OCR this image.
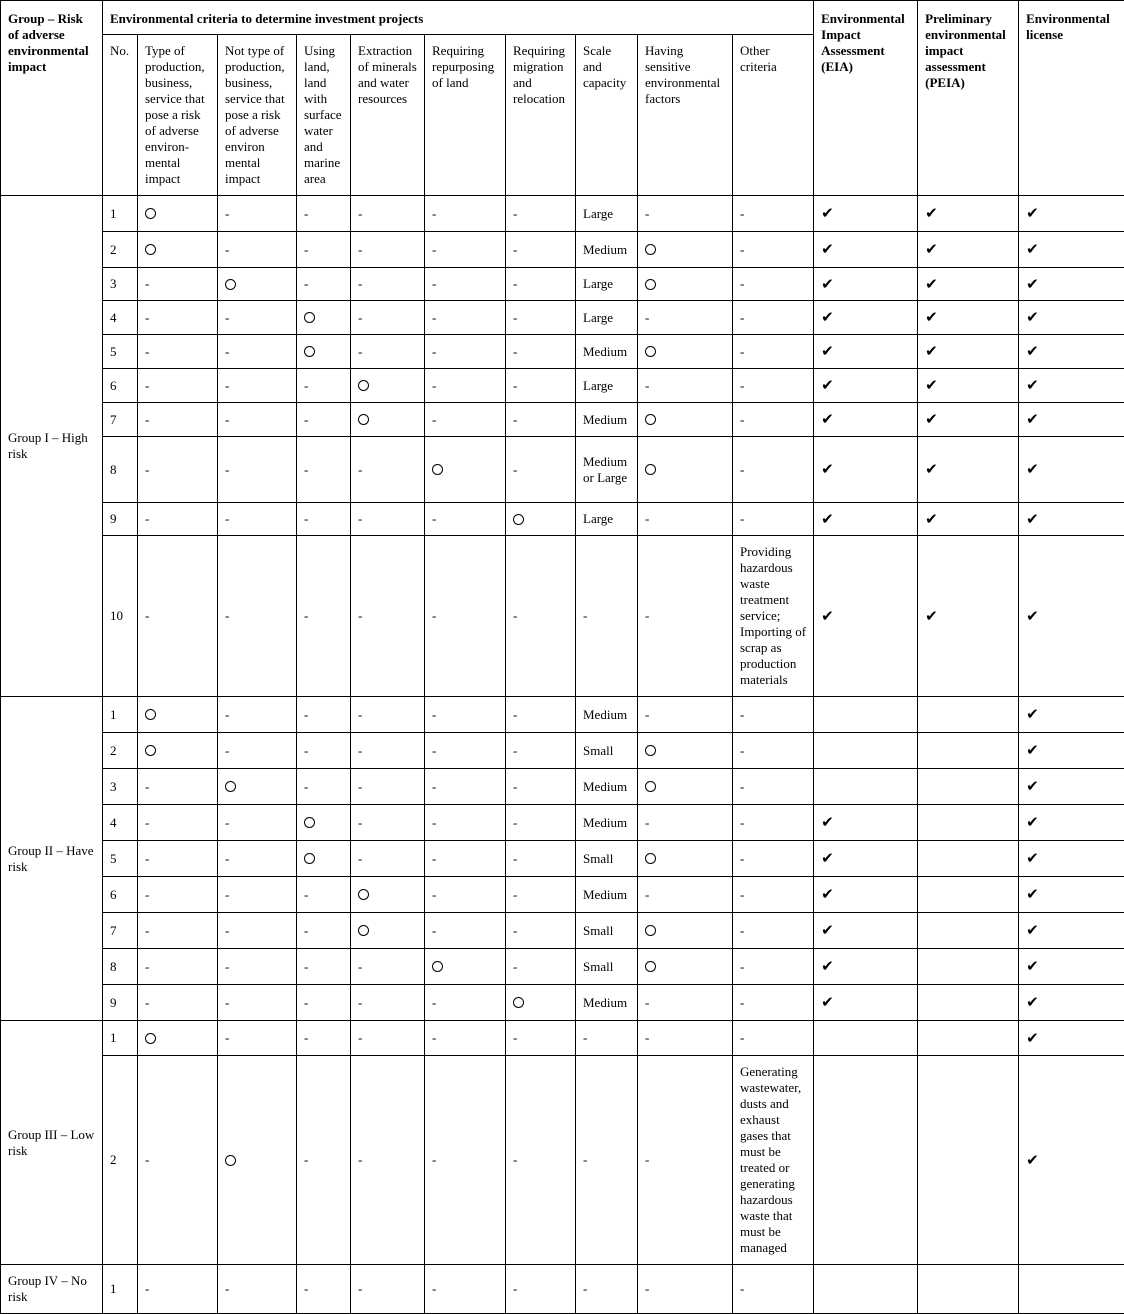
Group – Risk of adverse environmental impact	Environmental criteria to determine investment projects										Environmental Impact Assessment (EIA)	Preliminary environmental impact assessment (PEIA)	Environmental license
	No.	Type of production, business, service that pose a risk of adverse environ-mental impact	Not type of production, business, service that pose a risk of adverse environ mental impact	Using land, land with surface water and marine area	Extraction of minerals and water resources	Requiring repurposing of land	Requiring migration and relocation	Scale and capacity	Having sensitive environmental factors	Other criteria			
Group I – High risk	1		-	-	-	-	-	Large	-	-	✔	✔	✔
	2		-	-	-	-	-	Medium		-	✔	✔	✔
	3	-		-	-	-	-	Large		-	✔	✔	✔
	4	-	-		-	-	-	Large	-	-	✔	✔	✔
	5	-	-		-	-	-	Medium		-	✔	✔	✔
	6	-	-	-		-	-	Large	-	-	✔	✔	✔
	7	-	-	-		-	-	Medium		-	✔	✔	✔
	8	-	-	-	-		-	Medium or Large		-	✔	✔	✔
	9	-	-	-	-	-		Large	-	-	✔	✔	✔
	10	-	-	-	-	-	-	-	-	Providing hazardous waste treatment service; Importing of scrap as production materials	✔	✔	✔
Group II – Have risk	1		-	-	-	-	-	Medium	-	-			✔
	2		-	-	-	-	-	Small		-			✔
	3	-		-	-	-	-	Medium		-			✔
	4	-	-		-	-	-	Medium	-	-	✔		✔
	5	-	-		-	-	-	Small		-	✔		✔
	6	-	-	-		-	-	Medium	-	-	✔		✔
	7	-	-	-		-	-	Small		-	✔		✔
	8	-	-	-	-		-	Small		-	✔		✔
	9	-	-	-	-	-		Medium	-	-	✔		✔
Group III – Low risk	1		-	-	-	-	-	-	-	-			✔
	2	-		-	-	-	-	-	-	Generating wastewater, dusts and exhaust gases that must be treated or generating hazardous waste that must be managed			✔
Group IV – No risk	1	-	-	-	-	-	-	-	-	-			
